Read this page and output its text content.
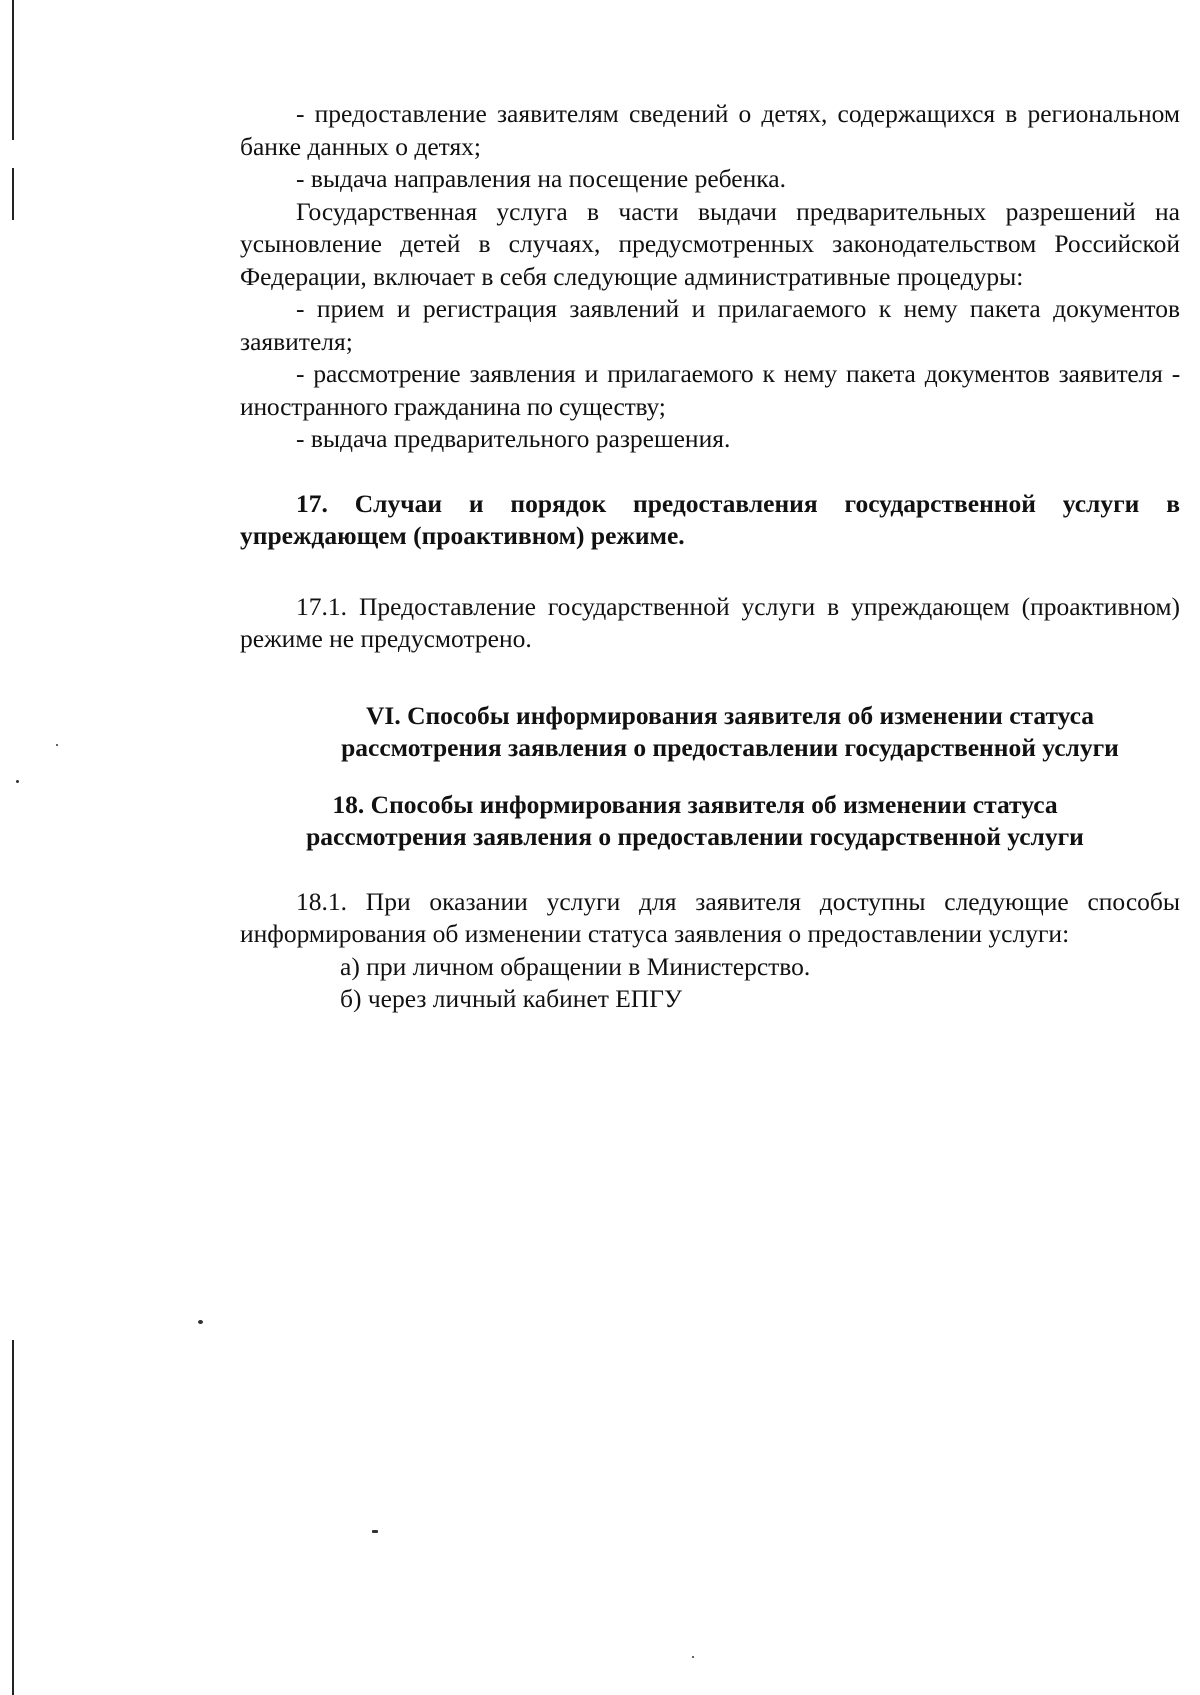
- предоставление заявителям сведений о детях, содержащихся в региональном банке данных о детях;

- выдача направления на посещение ребенка.

Государственная услуга в части выдачи предварительных разрешений на усыновление детей в случаях, предусмотренных законодательством Российской Федерации, включает в себя следующие административные процедуры:

- прием и регистрация заявлений и прилагаемого к нему пакета документов заявителя;

- рассмотрение заявления и прилагаемого к нему пакета документов заявителя - иностранного гражданина по существу;

- выдача предварительного разрешения.

17. Случаи и порядок предоставления государственной услуги в упреждающем (проактивном) режиме.

17.1. Предоставление государственной услуги в упреждающем (проактивном) режиме не предусмотрено.

VI. Способы информирования заявителя об изменении статуса

рассмотрения заявления о предоставлении государственной услуги

18. Способы информирования заявителя об изменении статуса

рассмотрения заявления о предоставлении государственной услуги

18.1. При оказании услуги для заявителя доступны следующие способы информирования об изменении статуса заявления о предоставлении услуги:

а) при личном обращении в Министерство.

б) через личный кабинет ЕПГУ
